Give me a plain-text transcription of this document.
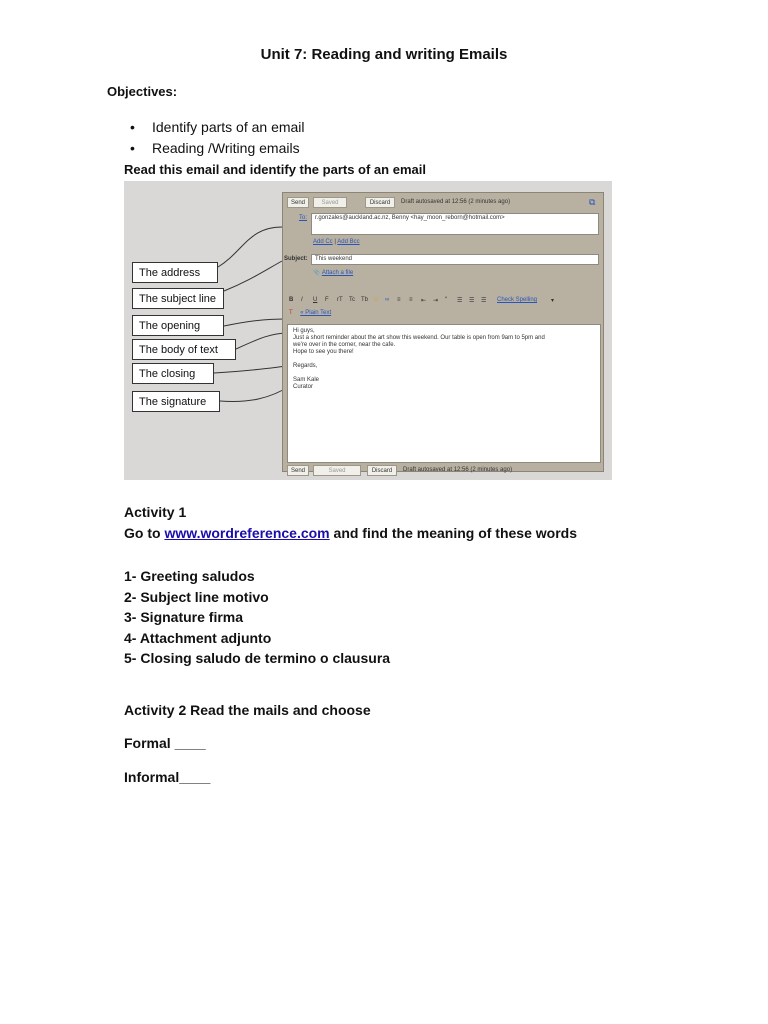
Unit 7: Reading and writing Emails
Objectives:
• Identify parts of an email
• Reading /Writing emails
Read this email and identify the parts of an email
The address
The subject line
The opening
The body of text
The closing
The signature
Send	Saved	Discard	Draft autosaved at 12:56 (2 minutes ago)	⧉
To:	r.gonzales@auckland.ac.nz, Benny <hay_moon_reborn@hotmail.com>
Add Cc | Add Bcc
Subject:	This weekend
📎 Attach a file
B I U F rT Tc Tb ☺ ∞ ≡ ≡ ⇤ ⇥ “ ☰ ☰ ☰ Check Spelling ▾
T « Plain Text
Hi guys,
Just a short reminder about the art show this weekend. Our table is open from 9am to 5pm and
we're over in the corner, near the cafe.
Hope to see you there!
Regards,
Sam Kale
Curator
Send	Saved	Discard	Draft autosaved at 12:56 (2 minutes ago)
Activity 1
Go to www.wordreference.com and find the meaning of these words
1- Greeting saludos
2- Subject line motivo
3- Signature firma
4- Attachment adjunto
5- Closing saludo de termino o clausura
Activity 2 Read the mails and choose
Formal ____
Informal____
